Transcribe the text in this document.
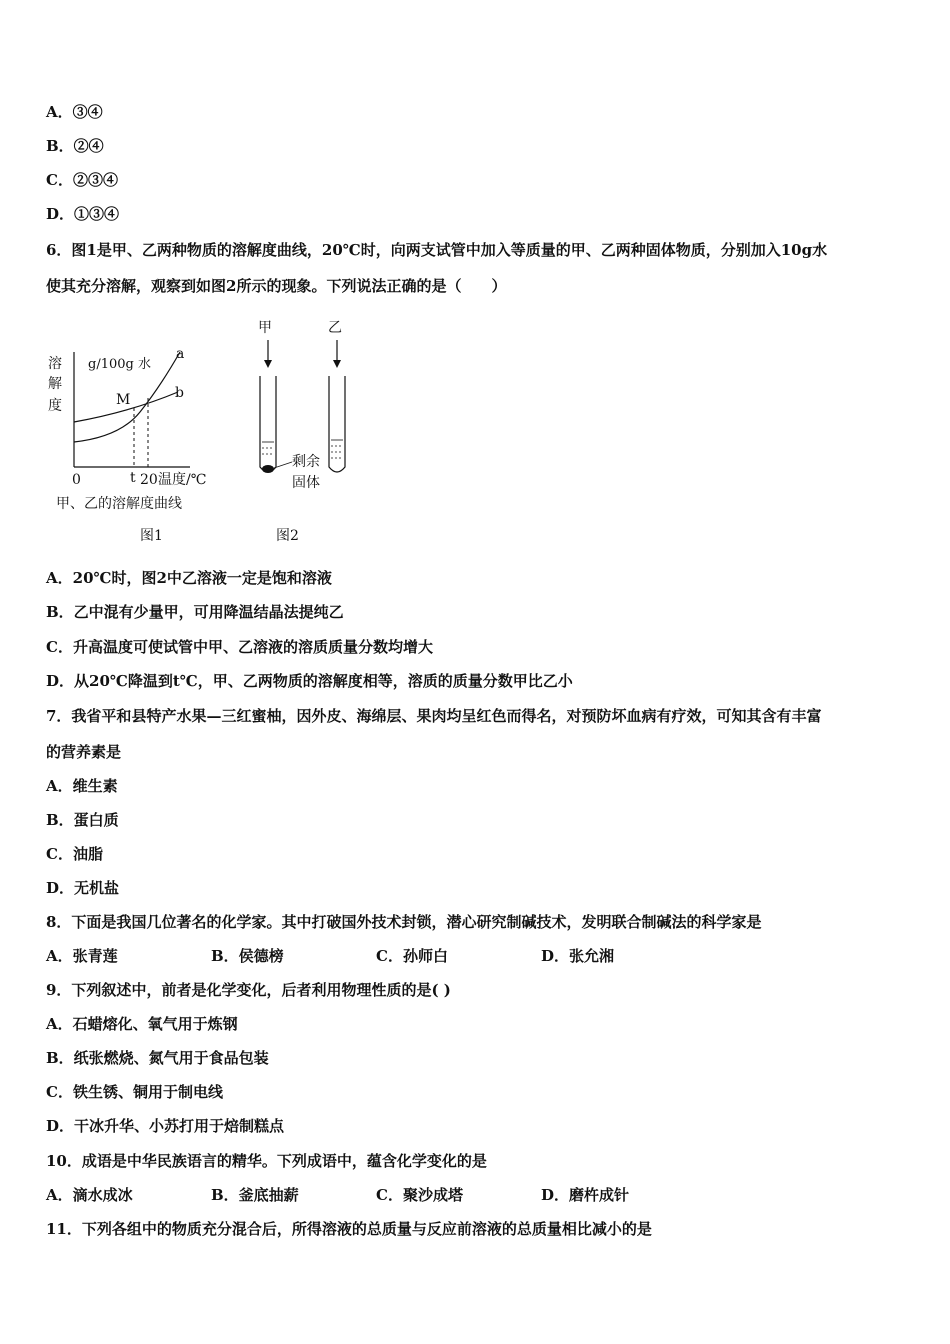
A．③④
B．②④
C．②③④
D．①③④
6．图1是甲、乙两种物质的溶解度曲线，20℃时，向两支试管中加入等质量的甲、乙两种固体物质，分别加入10g水
使其充分溶解，观察到如图2所示的现象。下列说法正确的是（　　）
溶
解
度
g/100g 水
a
b
M
0	t 20 温度/℃
甲、乙的溶解度曲线
图1
甲	乙
剩余
固体
图2
A．20℃时，图2中乙溶液一定是饱和溶液
B．乙中混有少量甲，可用降温结晶法提纯乙
C．升高温度可使试管中甲、乙溶液的溶质质量分数均增大
D．从20℃降温到t℃，甲、乙两物质的溶解度相等，溶质的质量分数甲比乙小
7．我省平和县特产水果—三红蜜柚，因外皮、海绵层、果肉均呈红色而得名，对预防坏血病有疗效，可知其含有丰富
的营养素是
A．维生素
B．蛋白质
C．油脂
D．无机盐
8．下面是我国几位著名的化学家。其中打破国外技术封锁，潜心研究制碱技术，发明联合制碱法的科学家是
A．张青莲	B．侯德榜	C．孙师白	D．张允湘
9．下列叙述中，前者是化学变化，后者利用物理性质的是( )
A．石蜡熔化、氧气用于炼钢
B．纸张燃烧、氮气用于食品包装
C．铁生锈、铜用于制电线
D．干冰升华、小苏打用于焙制糕点
10．成语是中华民族语言的精华。下列成语中，蕴含化学变化的是
A．滴水成冰	B．釜底抽薪	C．聚沙成塔	D．磨杵成针
11．下列各组中的物质充分混合后，所得溶液的总质量与反应前溶液的总质量相比减小的是
